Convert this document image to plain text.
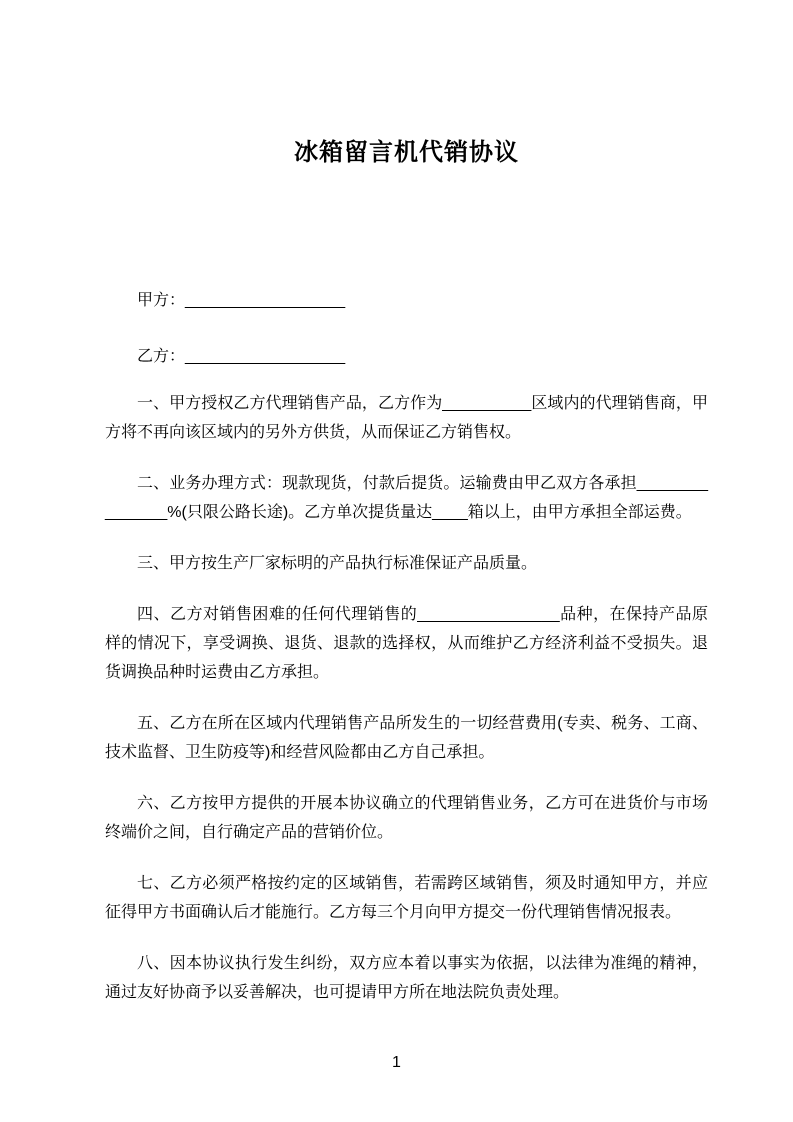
冰箱留言机代销协议

甲方：__________________

乙方：__________________

一、甲方授权乙方代理销售产品，乙方作为__________区域内的代理销售商，甲方将不再向该区域内的另外方供货，从而保证乙方销售权。

二、业务办理方式：现款现货，付款后提货。运输费由甲乙双方各承担_______________%(只限公路长途)。乙方单次提货量达____箱以上，由甲方承担全部运费。

三、甲方按生产厂家标明的产品执行标准保证产品质量。

四、乙方对销售困难的任何代理销售的________________品种，在保持产品原样的情况下，享受调换、退货、退款的选择权，从而维护乙方经济利益不受损失。退货调换品种时运费由乙方承担。

五、乙方在所在区域内代理销售产品所发生的一切经营费用(专卖、税务、工商、技术监督、卫生防疫等)和经营风险都由乙方自己承担。

六、乙方按甲方提供的开展本协议确立的代理销售业务，乙方可在进货价与市场终端价之间，自行确定产品的营销价位。

七、乙方必须严格按约定的区域销售，若需跨区域销售，须及时通知甲方，并应征得甲方书面确认后才能施行。乙方每三个月向甲方提交一份代理销售情况报表。

八、因本协议执行发生纠纷，双方应本着以事实为依据，以法律为准绳的精神，通过友好协商予以妥善解决，也可提请甲方所在地法院负责处理。

1
